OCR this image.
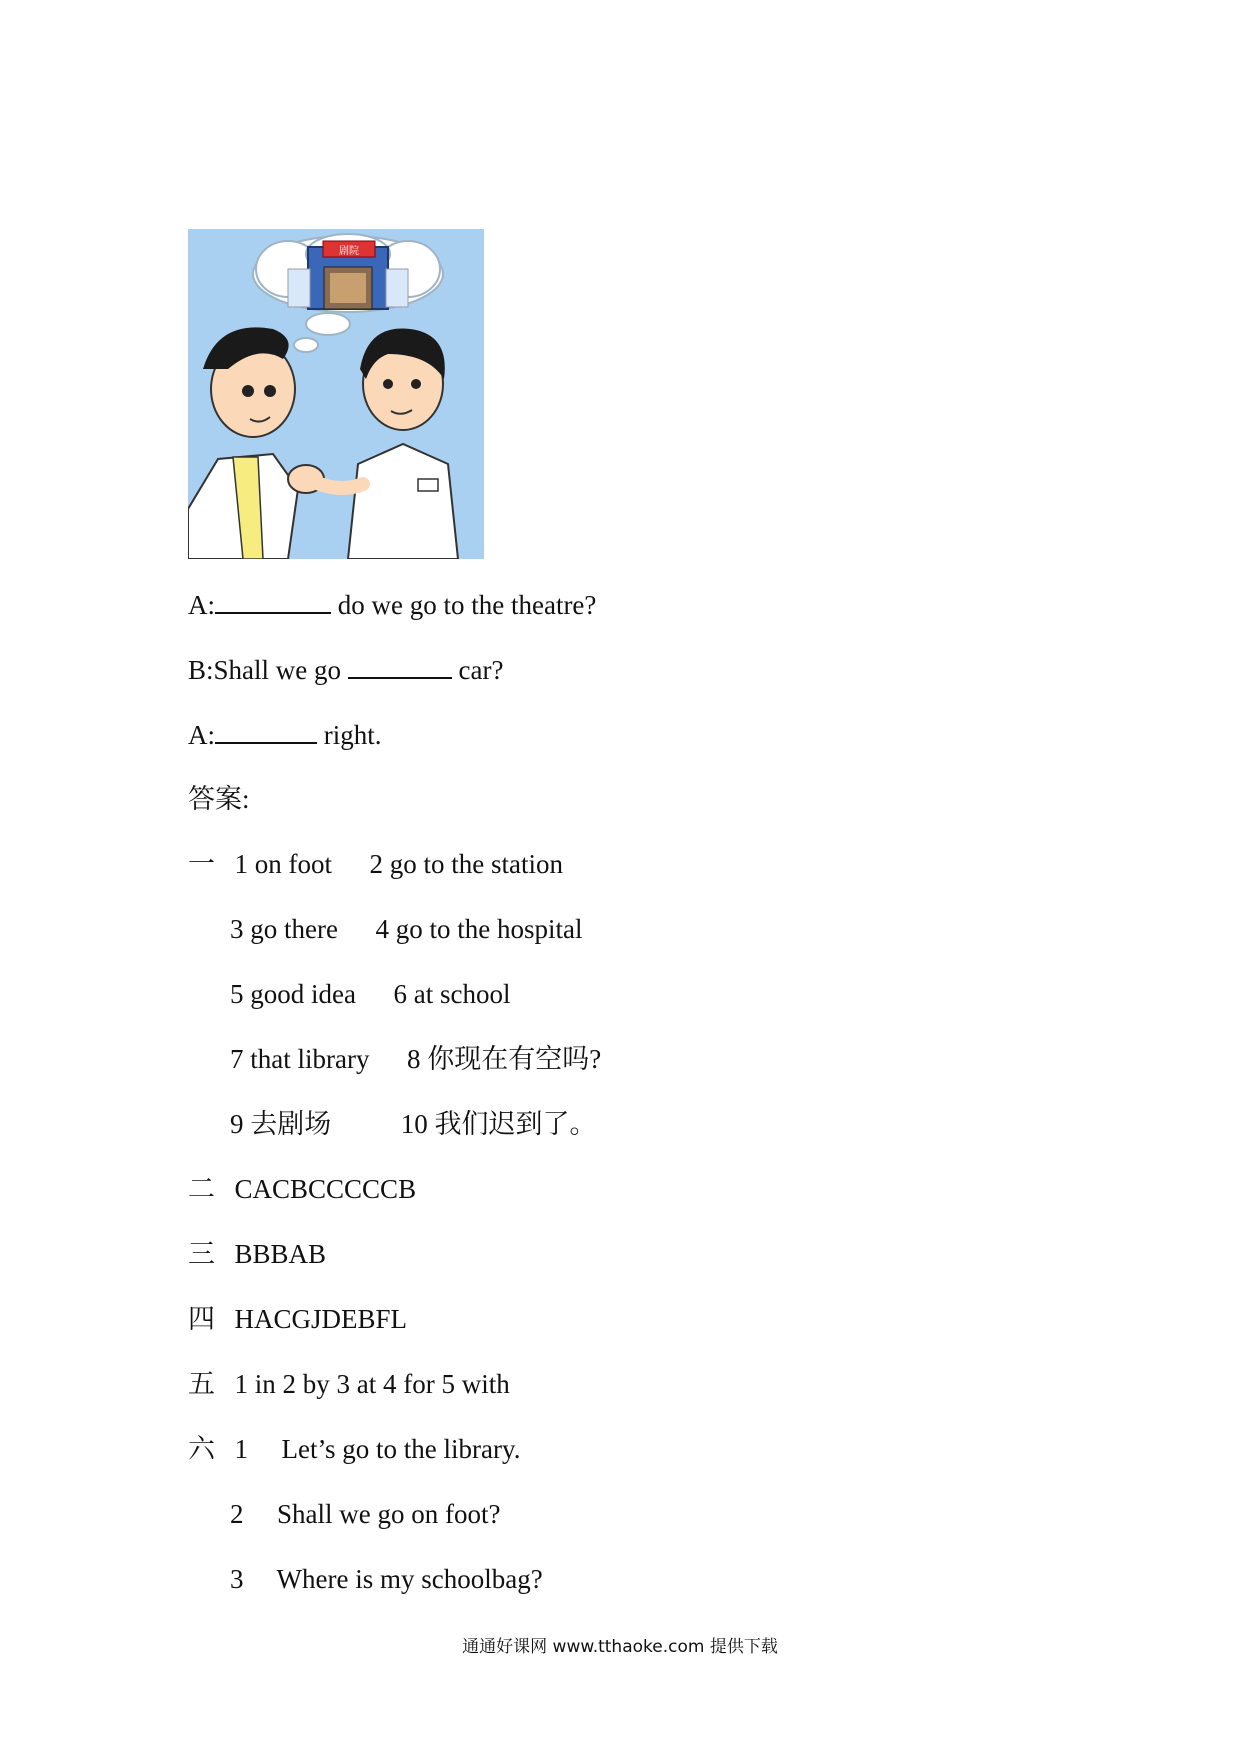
剧院
A:	do we go to the theatre?
B:Shall we go	car?
A:	right.
答案:
一 1 on foot 2 go to the station
3 go there 4 go to the hospital
5 good idea 6 at school
7 that library 8 你现在有空吗?
9 去剧场	10 我们迟到了。
二 CACBCCCCCB
三 BBBAB
四 HACGJDEBFL
五 1 in 2 by 3 at 4 for 5 with
六 1 Let’s go to the library.
2 Shall we go on foot?
3 Where is my schoolbag?
通通好课网 www.tthaoke.com 提供下载
